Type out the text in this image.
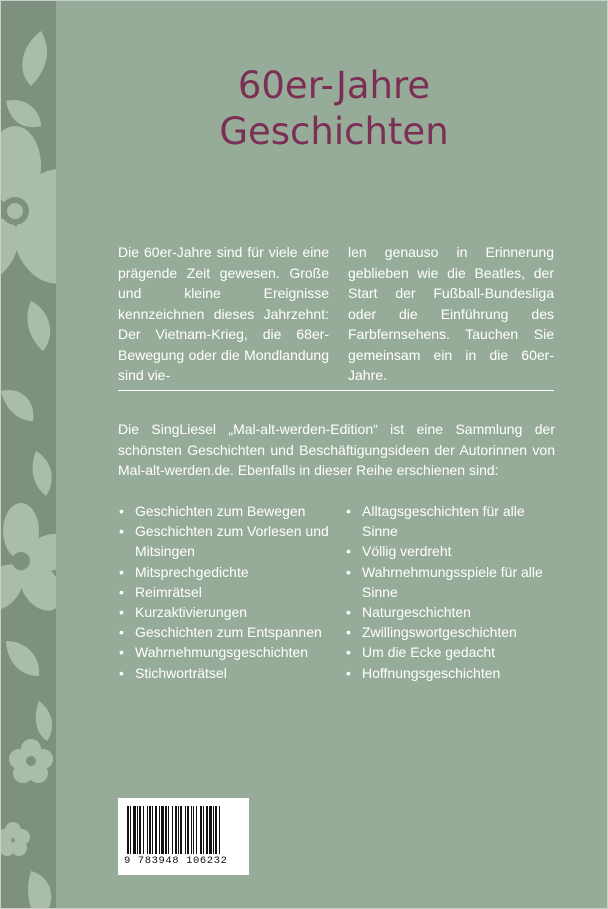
60er-Jahre
Geschichten
Die 60er-Jahre sind für viele eine prägende Zeit gewesen. Große und kleine Ereignisse kennzeichnen dieses Jahrzehnt: Der Vietnam-Krieg, die 68er-Bewegung oder die Mondlandung sind vie-
len genauso in Erinnerung geblieben wie die Beatles, der Start der Fußball-Bundesliga oder die Einführung des Farbfernsehens. Tauchen Sie gemeinsam ein in die 60er-Jahre.
Die SingLiesel „Mal-alt-werden-Edition“ ist eine Sammlung der schönsten Geschichten und Beschäftigungsideen der Autorinnen von Mal-alt-werden.de. Ebenfalls in dieser Reihe erschienen sind:
• Geschichten zum Bewegen
• Geschichten zum Vorlesen und Mitsingen
• Mitsprechgedichte
• Reimrätsel
• Kurzaktivierungen
• Geschichten zum Entspannen
• Wahrnehmungsgeschichten
• Stichworträtsel
• Alltagsgeschichten für alle Sinne
• Völlig verdreht
• Wahrnehmungsspiele für alle Sinne
• Naturgeschichten
• Zwillingswortgeschichten
• Um die Ecke gedacht
• Hoffnungsgeschichten
9 783948 106232
